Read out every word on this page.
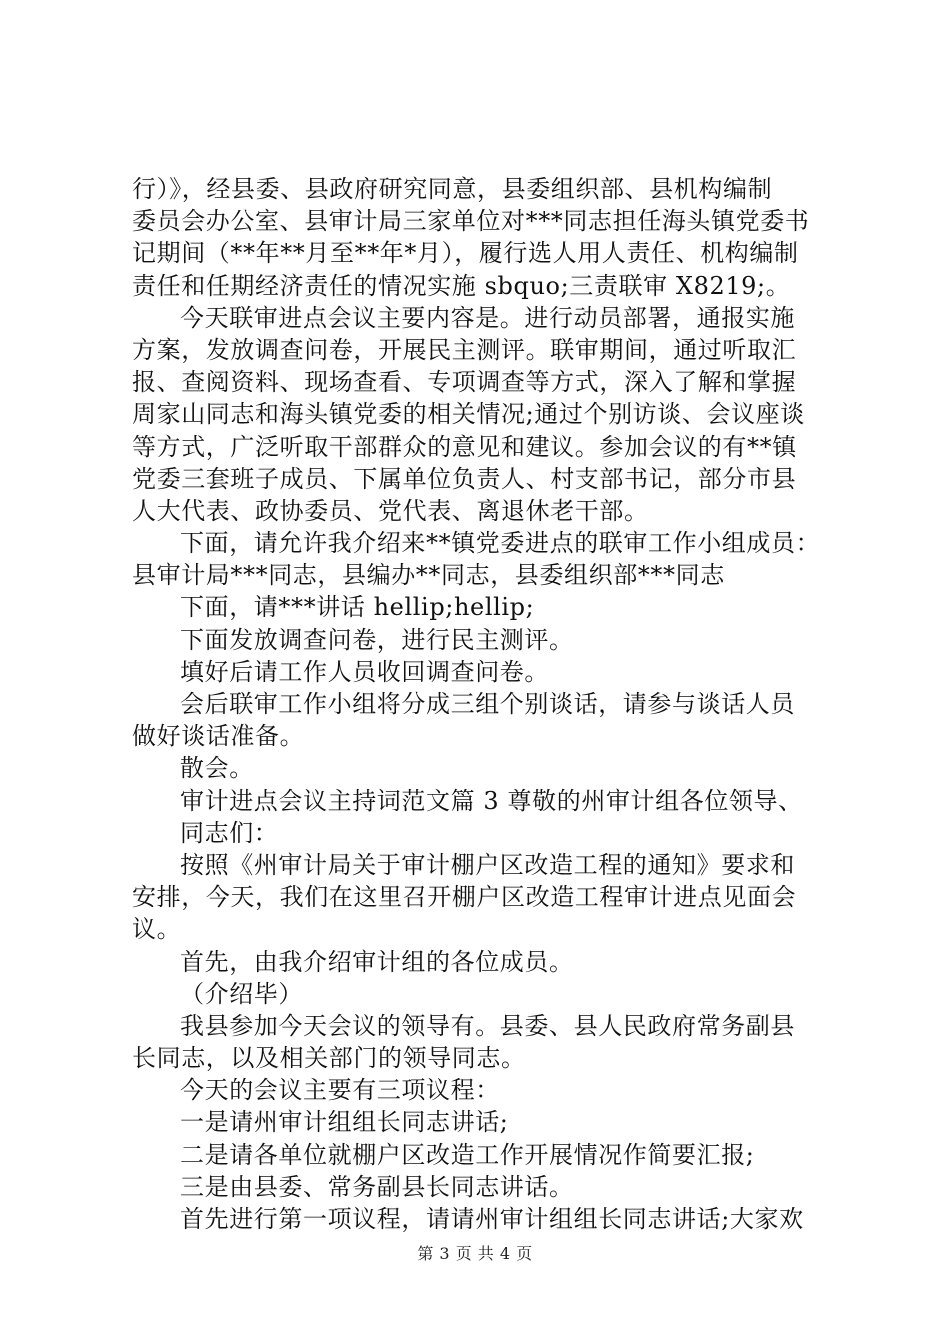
行）》，经县委、县政府研究同意，县委组织部、县机构编制
委员会办公室、县审计局三家单位对***同志担任海头镇党委书
记期间（**年**月至**年*月），履行选人用人责任、机构编制
责任和任期经济责任的情况实施 sbquo;三责联审 X8219;。
今天联审进点会议主要内容是。进行动员部署，通报实施
方案，发放调查问卷，开展民主测评。联审期间，通过听取汇
报、查阅资料、现场查看、专项调查等方式，深入了解和掌握
周家山同志和海头镇党委的相关情况;通过个别访谈、会议座谈
等方式，广泛听取干部群众的意见和建议。参加会议的有**镇
党委三套班子成员、下属单位负责人、村支部书记，部分市县
人大代表、政协委员、党代表、离退休老干部。
下面，请允许我介绍来**镇党委进点的联审工作小组成员：
县审计局***同志，县编办**同志，县委组织部***同志
下面，请***讲话 hellip;hellip;
下面发放调查问卷，进行民主测评。
填好后请工作人员收回调查问卷。
会后联审工作小组将分成三组个别谈话，请参与谈话人员
做好谈话准备。
散会。
审计进点会议主持词范文篇 3 尊敬的州审计组各位领导、
同志们：
按照《州审计局关于审计棚户区改造工程的通知》要求和
安排，今天，我们在这里召开棚户区改造工程审计进点见面会
议。
首先，由我介绍审计组的各位成员。
（介绍毕）
我县参加今天会议的领导有。县委、县人民政府常务副县
长同志，以及相关部门的领导同志。
今天的会议主要有三项议程：
一是请州审计组组长同志讲话;
二是请各单位就棚户区改造工作开展情况作简要汇报;
三是由县委、常务副县长同志讲话。
首先进行第一项议程，请请州审计组组长同志讲话;大家欢
第 3 页 共 4 页
